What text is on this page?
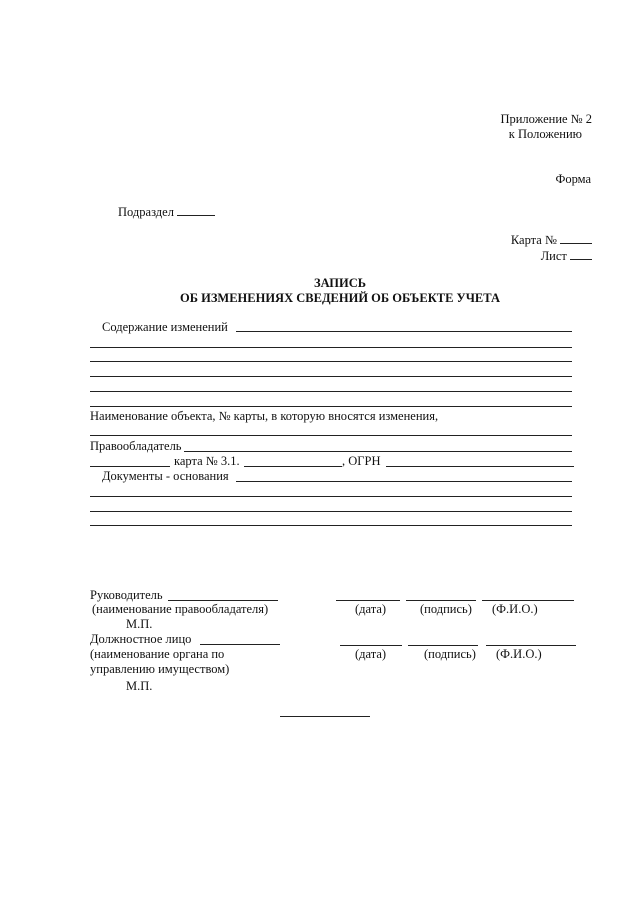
Приложение № 2
к Положению
Форма
Подраздел
Карта №
Лист
ЗАПИСЬ
ОБ ИЗМЕНЕНИЯХ СВЕДЕНИЙ ОБ ОБЪЕКТЕ УЧЕТА
Содержание изменений
Наименование объекта, № карты, в которую вносятся изменения,
Правообладатель
карта № 3.1.	, ОГРН
Документы - основания
Руководитель
(наименование правообладателя)	(дата)	(подпись) (Ф.И.О.)
М.П.
Должностное лицо
(наименование органа по	(дата)	(подпись) (Ф.И.О.)
управлению имуществом)
М.П.
